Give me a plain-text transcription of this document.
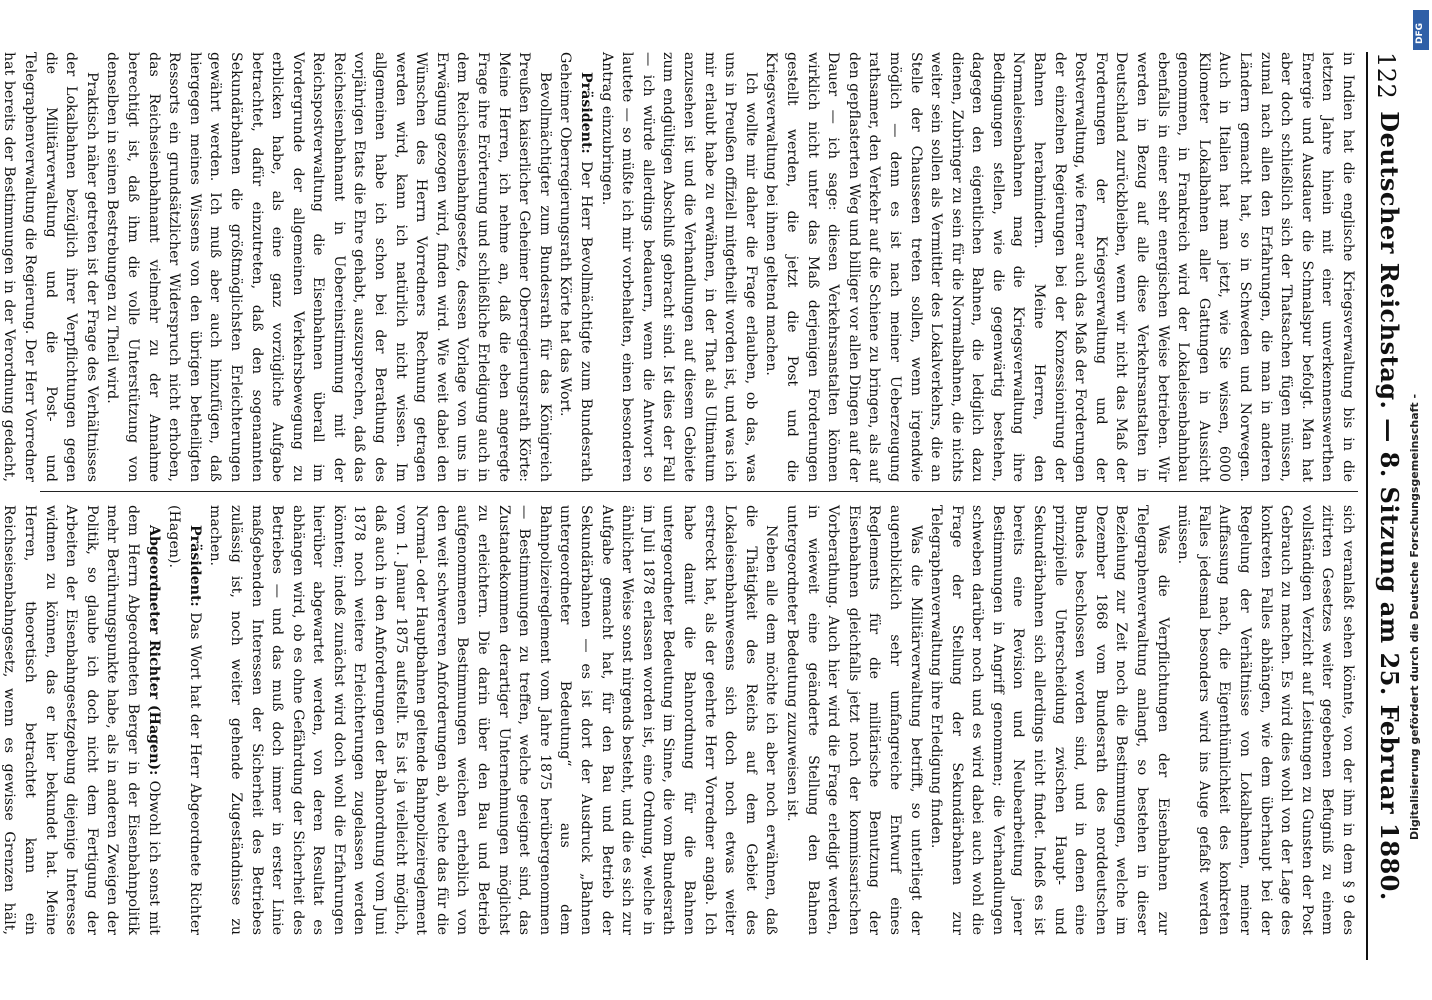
122
Deutscher Reichstag. — 8. Sitzung am 25. Februar 1880.

in Indien hat die englische Kriegsverwaltung bis in die letzten Jahre hinein mit einer unverkennenswerthen Energie und Ausdauer die Schmalspur befolgt. Man hat aber doch schließlich sich der Thatsachen fügen müssen, zumal nach allen den Erfahrungen, die man in anderen Ländern gemacht hat, so in Schweden und Norwegen. Auch in Italien hat man jetzt, wie Sie wissen, 6000 Kilometer Lokalbahnen aller Gattungen in Aussicht genommen, in Frankreich wird der Lokaleisenbahnbau ebenfalls in einer sehr energischen Weise betrieben. Wir werden in Bezug auf alle diese Verkehrsanstalten in Deutschland zurückbleiben, wenn wir nicht das Maß der Forderungen der Kriegsverwaltung und der Postverwaltung, wie ferner auch das Maß der Forderungen der einzelnen Regierungen bei der Konzessionirung der Bahnen herabmindern. Meine Herren, den Normaleisenbahnen mag die Kriegsverwaltung ihre Bedingungen stellen, wie die gegenwärtig bestehen, dagegen den eigentlichen Bahnen, die lediglich dazu dienen, Zubringer zu sein für die Normalbahnen, die nichts weiter sein sollen als Vermittler des Lokalverkehrs, die an Stelle der Chausseen treten sollen, wenn irgendwie möglich — denn es ist nach meiner Ueberzeugung rathsamer, den Verkehr auf die Schiene zu bringen, als auf den gepflasterten Weg und billiger vor allen Dingen auf der Dauer — ich sage: diesen Verkehrsanstalten können wirklich nicht unter das Maß derjenigen Forderungen gestellt werden, die jetzt die Post und die Kriegsverwaltung bei ihnen geltend machen.

Ich wollte mir daher die Frage erlauben, ob das, was uns in Preußen offiziell mitgetheilt worden ist, und was ich mir erlaubt habe zu erwähnen, in der That als Ultimatum anzusehen ist und die Verhandlungen auf diesem Gebiete zum endgültigen Abschluß gebracht sind. Ist dies der Fall — ich würde allerdings bedauern, wenn die Antwort so lautete — so müßte ich mir vorbehalten, einen besonderen Antrag einzubringen.

Präsident: Der Herr Bevollmächtigte zum Bundesrath Geheimer Oberregierungsrath Körte hat das Wort.

Bevollmächtigter zum Bundesrath für das Königreich Preußen kaiserlicher Geheimer Oberregierungsrath Körte: Meine Herren, ich nehme an, daß die eben angeregte Frage ihre Erörterung und schließliche Erledigung auch in dem Reichseisenbahngesetze, dessen Vorlage von uns in Erwägung gezogen wird, finden wird. Wie weit dabei den Wünschen des Herrn Vorredners Rechnung getragen werden wird, kann ich natürlich nicht wissen. Im allgemeinen habe ich schon bei der Berathung des vorjährigen Etats die Ehre gehabt, auszusprechen, daß das Reichseisenbahnamt in Uebereinstimmung mit der Reichspostverwaltung die Eisenbahnen überall im Vordergrunde der allgemeinen Verkehrsbewegung zu erblicken habe, als eine ganz vorzügliche Aufgabe betrachtet, dafür einzutreten, daß den sogenannten Sekundärbahnen die größtmöglichsten Erleichterungen gewährt werden. Ich muß aber auch hinzufügen, daß hiergegen meines Wissens von den übrigen betheiligten Ressorts ein grundsätzlicher Widerspruch nicht erhoben, das Reichseisenbahnamt vielmehr zu der Annahme berechtigt ist, daß ihm die volle Unterstützung von denselben in seinen Bestrebungen zu Theil wird.

Praktisch näher getreten ist der Frage des Verhältnisses der Lokalbahnen bezüglich ihrer Verpflichtungen gegen die Militärverwaltung und die Post- und Telegraphenverwaltung die Regierung. Der Herr Vorredner hat bereits der Bestimmungen in der Verordnung gedacht,

sich veranlaßt sehen könnte, von der ihm in dem § 9 des zitirten Gesetzes weiter gegebenen Befugniß zu einem vollständigen Verzicht auf Leistungen zu Gunsten der Post Gebrauch zu machen. Es wird dies wohl von der Lage des konkreten Falles abhängen, wie dem überhaupt bei der Regelung der Verhältnisse von Lokalbahnen, meiner Auffassung nach, die Eigenthümlichkeit des konkreten Falles jedesmal besonders wird ins Auge gefaßt werden müssen.

Was die Verpflichtungen der Eisenbahnen zur Telegraphenverwaltung anlangt, so bestehen in dieser Beziehung zur Zeit noch die Bestimmungen, welche im Dezember 1868 vom Bundesrath des norddeutschen Bundes beschlossen worden sind, und in denen eine prinzipielle Unterscheidung zwischen Haupt- und Sekundärbahnen sich allerdings nicht findet. Indeß es ist bereits eine Revision und Neubearbeitung jener Bestimmungen in Angriff genommen; die Verhandlungen schweben darüber noch und es wird dabei auch wohl die Frage der Stellung der Sekundärbahnen zur Telegraphenverwaltung ihre Erledigung finden.

Was die Militärverwaltung betrifft, so unterliegt der augenblicklich sehr umfangreiche Entwurf eines Reglements für die militärische Benutzung der Eisenbahnen gleichfalls jetzt noch der kommissarischen Vorberathung. Auch hier wird die Frage erledigt werden, in wieweit eine geänderte Stellung den Bahnen untergeordneter Bedeutung zuzuweisen ist.

Neben alle dem möchte ich aber noch erwähnen, daß die Thätigkeit des Reichs auf dem Gebiet des Lokaleisenbahnwesens sich doch noch etwas weiter erstreckt hat, als der geehrte Herr Vorredner angab. Ich habe damit die Bahnordnung für die Bahnen untergeordneter Bedeutung im Sinne, die vom Bundesrath im Juli 1878 erlassen worden ist, eine Ordnung, welche in ähnlicher Weise sonst nirgends besteht, und die es sich zur Aufgabe gemacht hat, für den Bau und Betrieb der Sekundärbahnen — es ist dort der Ausdruck „Bahnen untergeordneter Bedeutung“ aus dem Bahnpolizeireglement vom Jahre 1875 herübergenommen — Bestimmungen zu treffen, welche geeignet sind, das Zustandekommen derartiger Unternehmungen möglichst zu erleichtern. Die darin über den Bau und Betrieb aufgenommenen Bestimmungen weichen erheblich von den weit schwereren Anforderungen ab, welche das für die Normal- oder Hauptbahnen geltende Bahnpolizeireglement vom 1. Januar 1875 aufstellt. Es ist ja vielleicht möglich, daß auch in den Anforderungen der Bahnordnung vom Juni 1878 noch weitere Erleichterungen zugelassen werden könnten; indeß zunächst wird doch wohl die Erfahrungen hierüber abgewartet werden, von deren Resultat es abhängen wird, ob es ohne Gefährdung der Sicherheit des Betriebes — und das muß doch immer in erster Linie maßgebenden Interessen der Sicherheit des Betriebes zulässig ist, noch weiter gehende Zugeständnisse zu machen.

Präsident: Das Wort hat der Herr Abgeordnete Richter (Hagen).

Abgeordneter Richter (Hagen): Obwohl ich sonst mit dem Herrn Abgeordneten Berger in der Eisenbahnpolitik mehr Berührungspunkte habe, als in anderen Zweigen der Politik, so glaube ich doch nicht dem Fertigung der Arbeiten der Eisenbahngesetzgebung diejenige Interesse widmen zu können, das er hier bekundet hat. Meine Herren, theoretisch betrachtet kann ein Reichseisenbahngesetz, wenn es gewisse Grenzen hält,

Digitalisierung gefördert durch die Deutsche Forschungsgemeinschaft -
DFG
